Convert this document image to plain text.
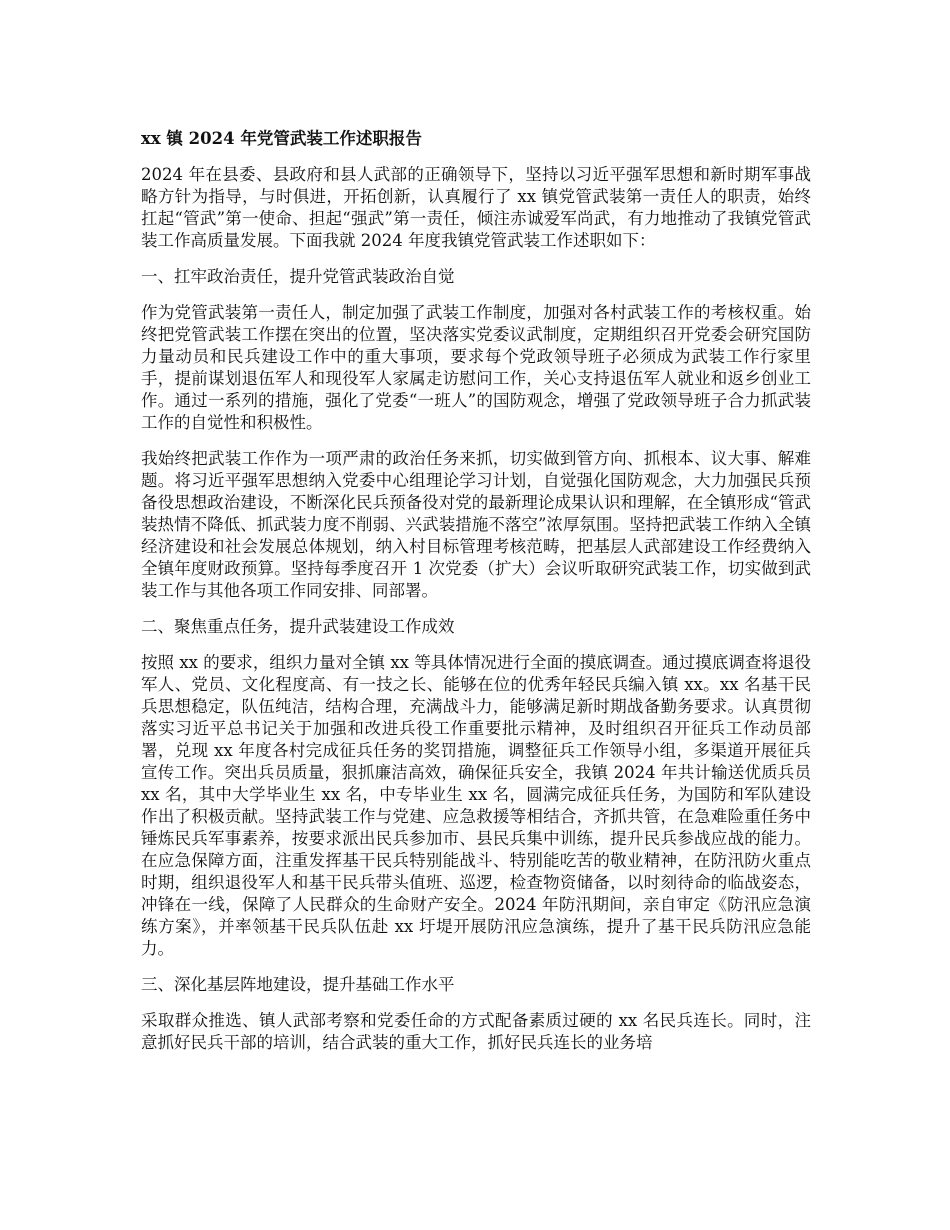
xx 镇 2024 年党管武装工作述职报告
2024 年在县委、县政府和县人武部的正确领导下，坚持以习近平强军思想和新时期军事战略方针为指导，与时俱进，开拓创新，认真履行了 xx 镇党管武装第一责任人的职责，始终扛起“管武”第一使命、担起“强武”第一责任，倾注赤诚爱军尚武，有力地推动了我镇党管武装工作高质量发展。下面我就 2024 年度我镇党管武装工作述职如下：
一、扛牢政治责任，提升党管武装政治自觉
作为党管武装第一责任人，制定加强了武装工作制度，加强对各村武装工作的考核权重。始终把党管武装工作摆在突出的位置，坚决落实党委议武制度，定期组织召开党委会研究国防力量动员和民兵建设工作中的重大事项，要求每个党政领导班子必须成为武装工作行家里手，提前谋划退伍军人和现役军人家属走访慰问工作，关心支持退伍军人就业和返乡创业工作。通过一系列的措施，强化了党委“一班人”的国防观念，增强了党政领导班子合力抓武装工作的自觉性和积极性。
我始终把武装工作作为一项严肃的政治任务来抓，切实做到管方向、抓根本、议大事、解难题。将习近平强军思想纳入党委中心组理论学习计划，自觉强化国防观念，大力加强民兵预备役思想政治建设，不断深化民兵预备役对党的最新理论成果认识和理解，在全镇形成“管武装热情不降低、抓武装力度不削弱、兴武装措施不落空”浓厚氛围。坚持把武装工作纳入全镇经济建设和社会发展总体规划，纳入村目标管理考核范畴，把基层人武部建设工作经费纳入全镇年度财政预算。坚持每季度召开 1 次党委（扩大）会议听取研究武装工作，切实做到武装工作与其他各项工作同安排、同部署。
二、聚焦重点任务，提升武装建设工作成效
按照 xx 的要求，组织力量对全镇 xx 等具体情况进行全面的摸底调查。通过摸底调查将退役军人、党员、文化程度高、有一技之长、能够在位的优秀年轻民兵编入镇 xx。xx 名基干民兵思想稳定，队伍纯洁，结构合理，充满战斗力，能够满足新时期战备勤务要求。认真贯彻落实习近平总书记关于加强和改进兵役工作重要批示精神，及时组织召开征兵工作动员部署，兑现 xx 年度各村完成征兵任务的奖罚措施，调整征兵工作领导小组，多渠道开展征兵宣传工作。突出兵员质量，狠抓廉洁高效，确保征兵安全，我镇 2024 年共计输送优质兵员 xx 名，其中大学毕业生 xx 名，中专毕业生 xx 名，圆满完成征兵任务，为国防和军队建设作出了积极贡献。坚持武装工作与党建、应急救援等相结合，齐抓共管，在急难险重任务中锤炼民兵军事素养，按要求派出民兵参加市、县民兵集中训练，提升民兵参战应战的能力。在应急保障方面，注重发挥基干民兵特别能战斗、特别能吃苦的敬业精神，在防汛防火重点时期，组织退役军人和基干民兵带头值班、巡逻，检查物资储备，以时刻待命的临战姿态，冲锋在一线，保障了人民群众的生命财产安全。2024 年防汛期间，亲自审定《防汛应急演练方案》，并率领基干民兵队伍赴 xx 圩堤开展防汛应急演练，提升了基干民兵防汛应急能力。
三、深化基层阵地建设，提升基础工作水平
采取群众推选、镇人武部考察和党委任命的方式配备素质过硬的 xx 名民兵连长。同时，注意抓好民兵干部的培训，结合武装的重大工作，抓好民兵连长的业务培
